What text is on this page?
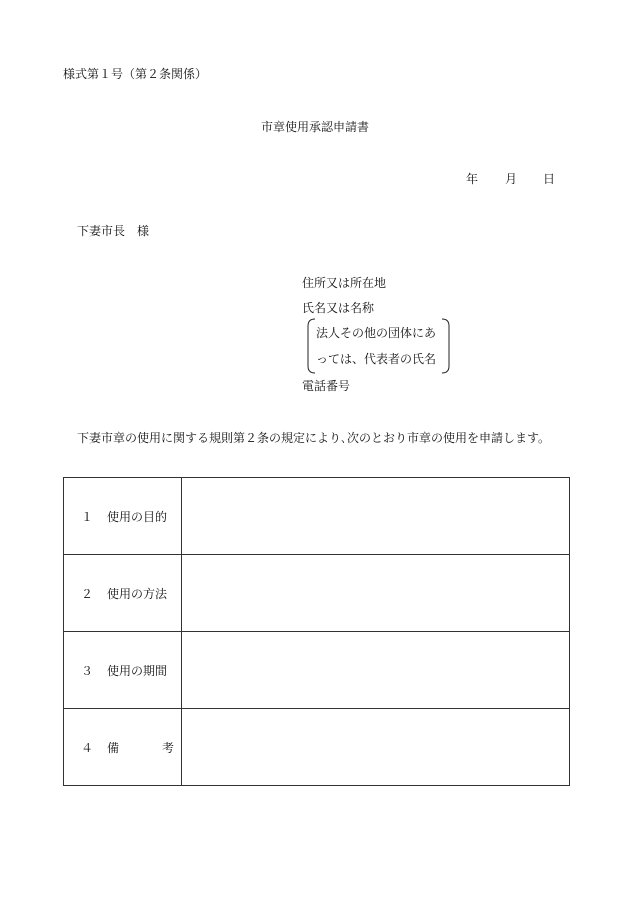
様式第１号（第２条関係）
市章使用承認申請書
年 月 日
下妻市長　様
住所又は所在地
氏名又は名称
法人その他の団体にあ
っては、代表者の氏名
電話番号
下妻市章の使用に関する規則第２条の規定により､次のとおり市章の使用を申請します。
１ 使用の目的	
２ 使用の方法	
３ 使用の期間	
４ 備 考	
